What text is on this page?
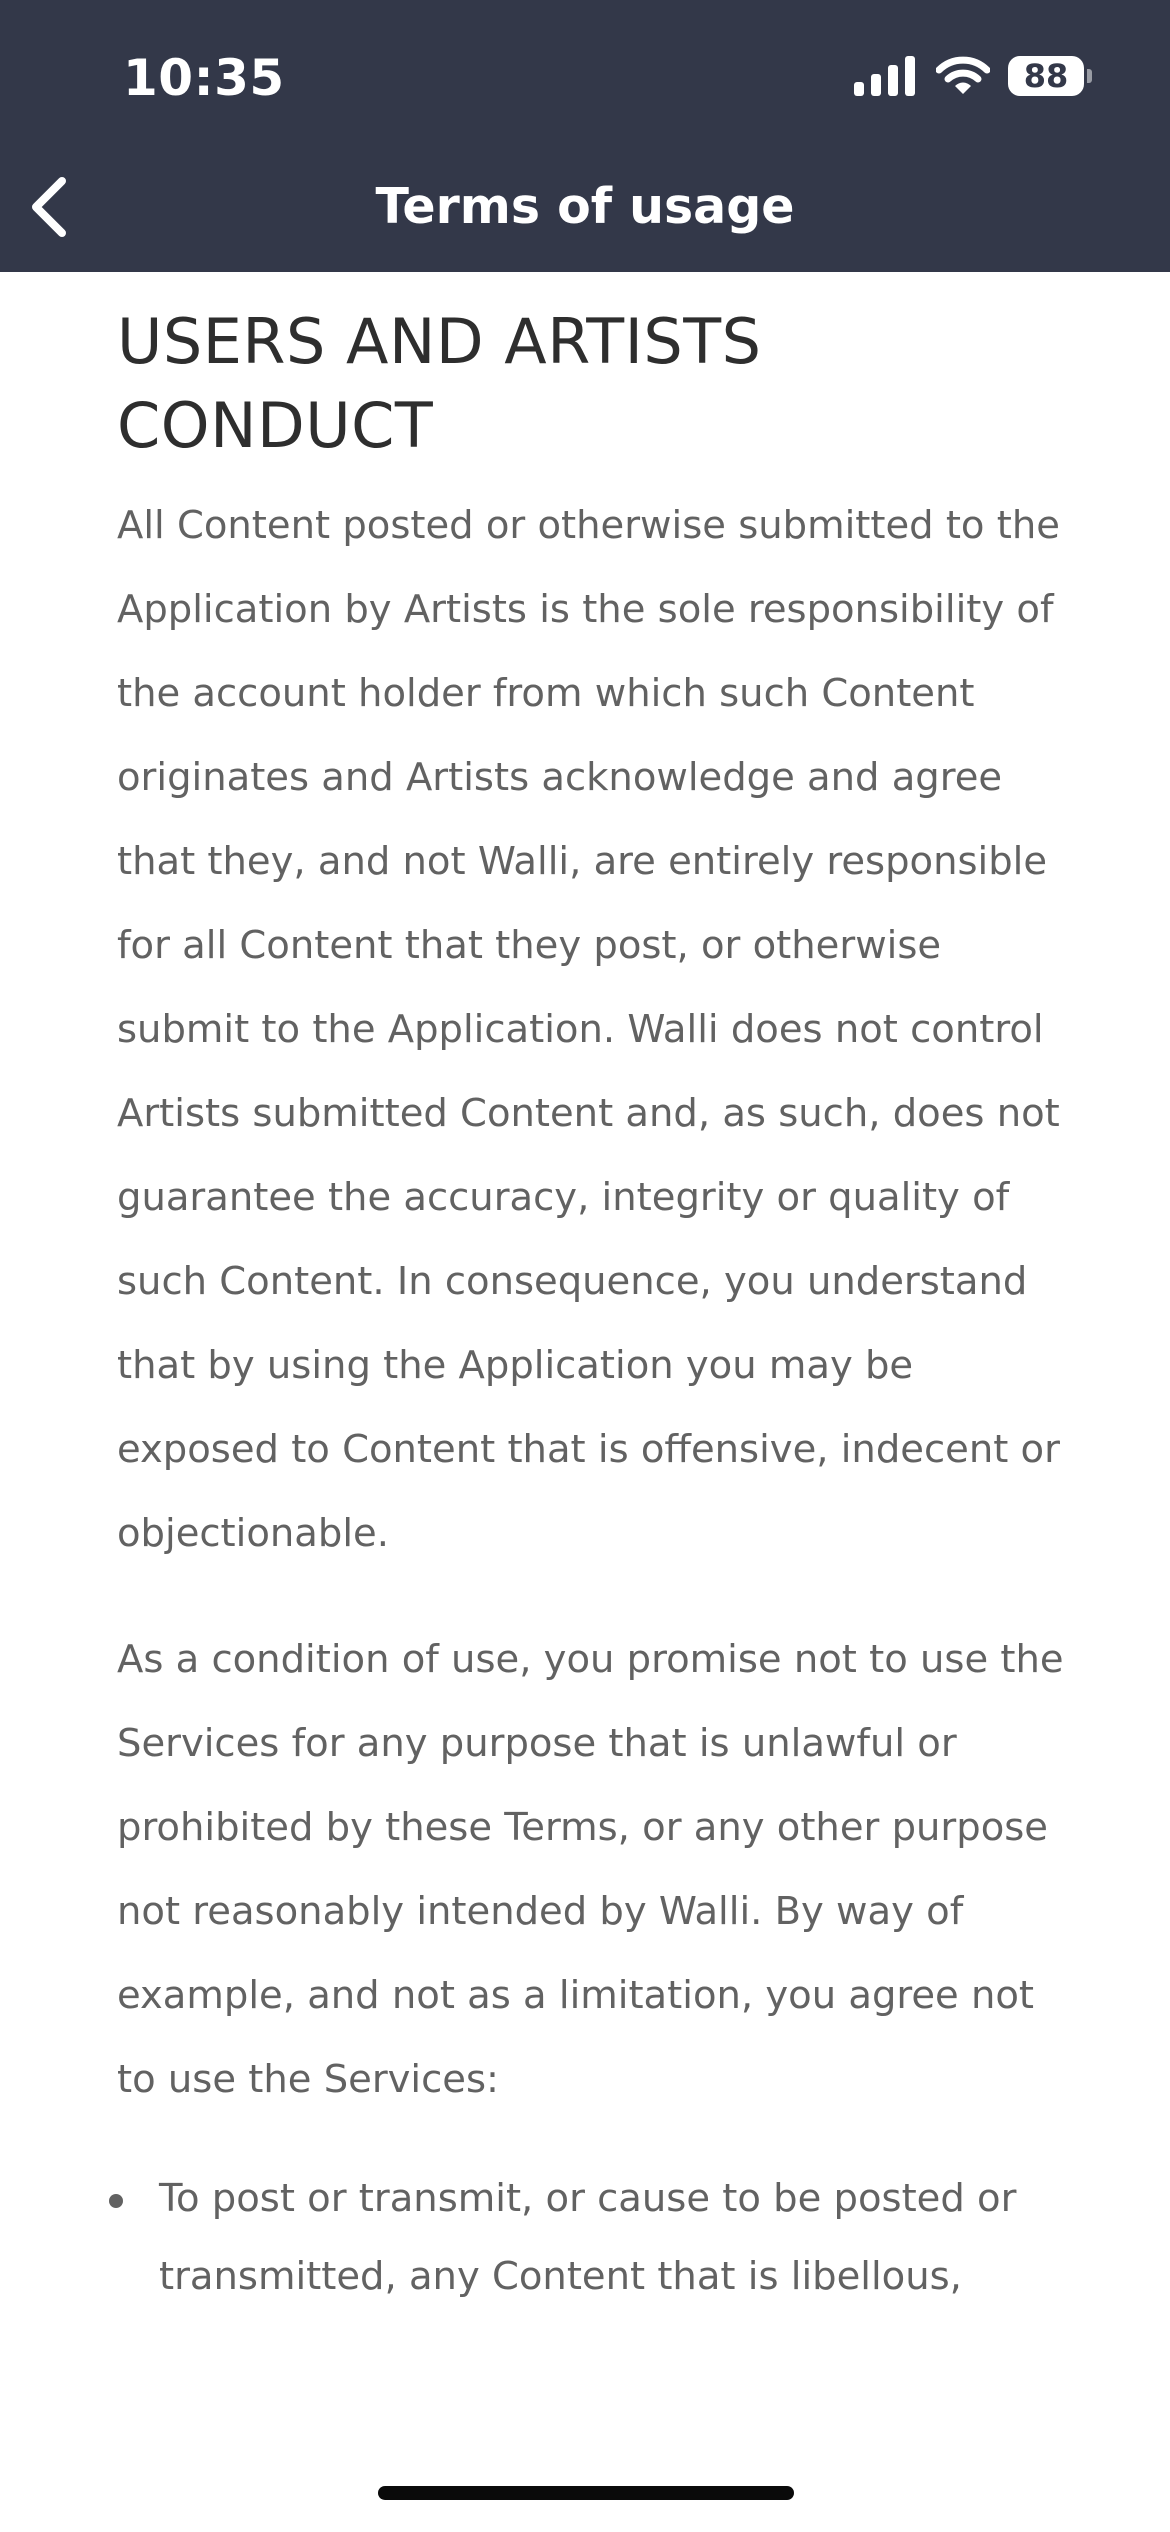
10:35	88
Terms of usage
USERS AND ARTISTS CONDUCT

All Content posted or otherwise submitted to the Application by Artists is the sole responsibility of the account holder from which such Content originates and Artists acknowledge and agree that they, and not Walli, are entirely responsible for all Content that they post, or otherwise submit to the Application. Walli does not control Artists submitted Content and, as such, does not guarantee the accuracy, integrity or quality of such Content. In consequence, you understand that by using the Application you may be exposed to Content that is offensive, indecent or objectionable.

As a condition of use, you promise not to use the Services for any purpose that is unlawful or prohibited by these Terms, or any other purpose not reasonably intended by Walli. By way of example, and not as a limitation, you agree not to use the Services:

To post or transmit, or cause to be posted or transmitted, any Content that is libellous,
